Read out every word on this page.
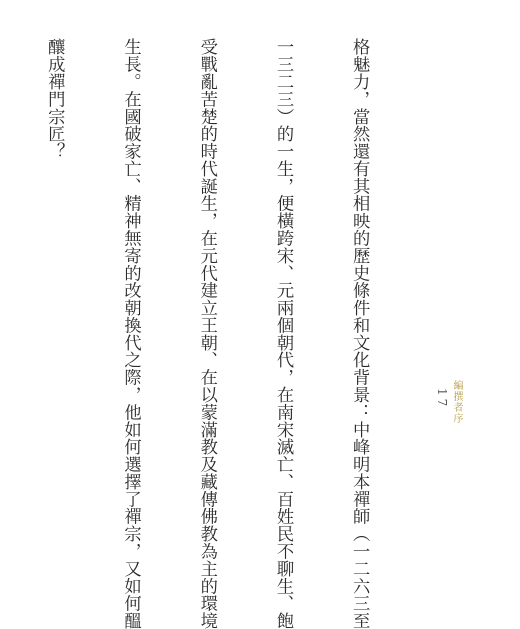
格魅力，當然還有其相映的歷史條件和文化背景：中峰明本禪師（一二六三至

一三二三）的一生，便橫跨宋、元兩個朝代，在南宋滅亡、百姓民不聊生、飽

受戰亂苦楚的時代誕生，在元代建立王朝、在以蒙滿教及藏傳佛教為主的環境

生長。在國破家亡、精神無寄的改朝換代之際，他如何選擇了禪宗，又如何醞

釀成禪門宗匠？

編撰者序
17
